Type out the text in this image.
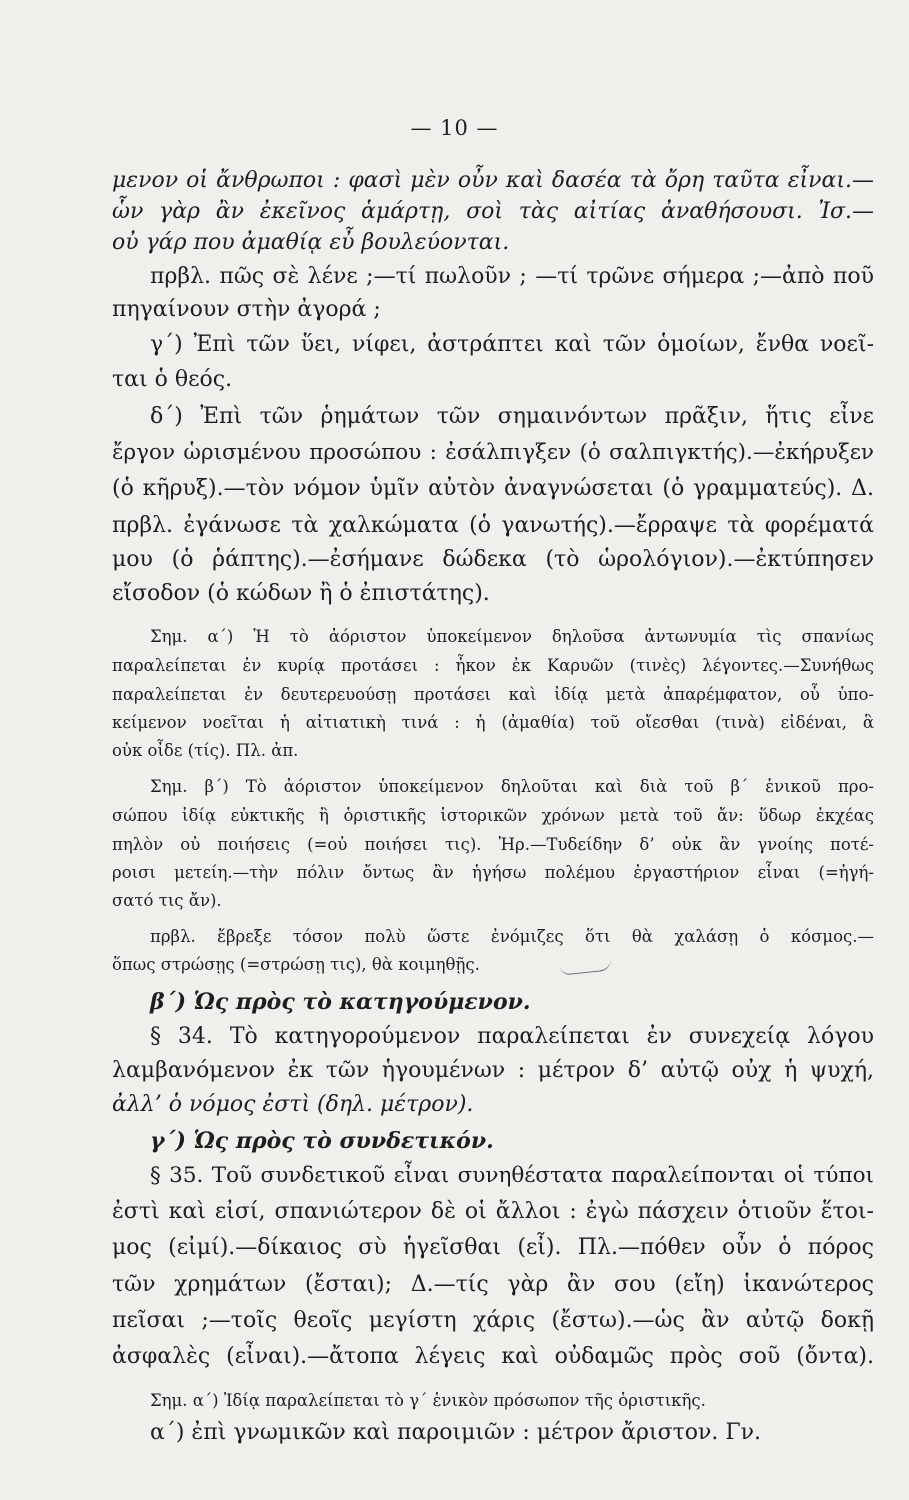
— 10 —
μενον οἱ ἄνθρωποι : φασὶ μὲν οὖν καὶ δασέα τὰ ὄρη ταῦτα εἶναι.—
ὧν γὰρ ἂν ἐκεῖνος ἁμάρτῃ, σοὶ τὰς αἰτίας ἀναθήσουσι. Ἰσ.—
οὐ γάρ που ἀμαθίᾳ εὖ βουλεύονται.
πρβλ. πῶς σὲ λένε ;—τί πωλοῦν ; —τί τρῶνε σήμερα ;—ἀπὸ ποῦ
πηγαίνουν στὴν ἀγορά ;
γ΄) Ἐπὶ τῶν ὕει, νίφει, ἀστράπτει καὶ τῶν ὁμοίων, ἔνθα νοεῖ-
ται ὁ θεός.
δ΄) Ἐπὶ τῶν ῥημάτων τῶν σημαινόντων πρᾶξιν, ἥτις εἶνε
ἔργον ὡρισμένου προσώπου : ἐσάλπιγξεν (ὁ σαλπιγκτής).—ἐκήρυξεν
(ὁ κῆρυξ).—τὸν νόμον ὑμῖν αὐτὸν ἀναγνώσεται (ὁ γραμματεύς). Δ.
πρβλ. ἐγάνωσε τὰ χαλκώματα (ὁ γανωτής).—ἔρραψε τὰ φορέματά
μου (ὁ ῥάπτης).—ἐσήμανε δώδεκα (τὸ ὡρολόγιον).—ἐκτύπησεν
εἴσοδον (ὁ κώδων ἢ ὁ ἐπιστάτης).
Σημ. α΄) Ἡ τὸ ἀόριστον ὑποκείμενον δηλοῦσα ἀντωνυμία τὶς σπανίως
παραλείπεται ἐν κυρίᾳ προτάσει : ἧκον ἐκ Καρυῶν (τινὲς) λέγοντες.—Συνήθως
παραλείπεται ἐν δευτερευούσῃ προτάσει καὶ ἰδίᾳ μετὰ ἀπαρέμφατον, οὗ ὑπο-
κείμενον νοεῖται ἡ αἰτιατικὴ τινά : ἡ (ἀμαθία) τοῦ οἴεσθαι (τινὰ) εἰδέναι, ἃ
οὐκ οἶδε (τίς). Πλ. ἀπ.
Σημ. β΄) Τὸ ἀόριστον ὑποκείμενον δηλοῦται καὶ διὰ τοῦ β΄ ἑνικοῦ προ-
σώπου ἰδίᾳ εὐκτικῆς ἢ ὁριστικῆς ἱστορικῶν χρόνων μετὰ τοῦ ἄν: ὕδωρ ἐκχέας
πηλὸν οὐ ποιήσεις (=οὐ ποιήσει τις). Ἡρ.—Τυδείδην δ’ οὐκ ἂν γνοίης ποτέ-
ροισι μετείη.—τὴν πόλιν ὄντως ἂν ἡγήσω πολέμου ἐργαστήριον εἶναι (=ἡγή-
σατό τις ἄν).
πρβλ. ἔβρεξε τόσον πολὺ ὥστε ἐνόμιζες ὅτι θὰ χαλάσῃ ὁ κόσμος.—
ὅπως στρώσῃς (=στρώσῃ τις), θὰ κοιμηθῇς.
β΄) Ὡς πρὸς τὸ κατηγούμενον.
§ 34. Τὸ κατηγορούμενον παραλείπεται ἐν συνεχείᾳ λόγου
λαμβανόμενον ἐκ τῶν ἡγουμένων : μέτρον δ’ αὐτῷ οὐχ ἡ ψυχή,
ἀλλ’ ὁ νόμος ἐστὶ (δηλ. μέτρον).
γ΄) Ὡς πρὸς τὸ συνδετικόν.
§ 35. Τοῦ συνδετικοῦ εἶναι συνηθέστατα παραλείπονται οἱ τύποι
ἐστὶ καὶ εἰσί, σπανιώτερον δὲ οἱ ἄλλοι : ἐγὼ πάσχειν ὁτιοῦν ἕτοι-
μος (εἰμί).—δίκαιος σὺ ἡγεῖσθαι (εἶ). Πλ.—πόθεν οὖν ὁ πόρος
τῶν χρημάτων (ἔσται); Δ.—τίς γὰρ ἂν σου (εἴη) ἱκανώτερος
πεῖσαι ;—τοῖς θεοῖς μεγίστη χάρις (ἔστω).—ὡς ἂν αὐτῷ δοκῇ
ἀσφαλὲς (εἶναι).—ἄτοπα λέγεις καὶ οὐδαμῶς πρὸς σοῦ (ὄντα).
Σημ. α΄) Ἰδίᾳ παραλείπεται τὸ γ΄ ἑνικὸν πρόσωπον τῆς ὁριστικῆς.
α΄) ἐπὶ γνωμικῶν καὶ παροιμιῶν : μέτρον ἄριστον. Γν.
